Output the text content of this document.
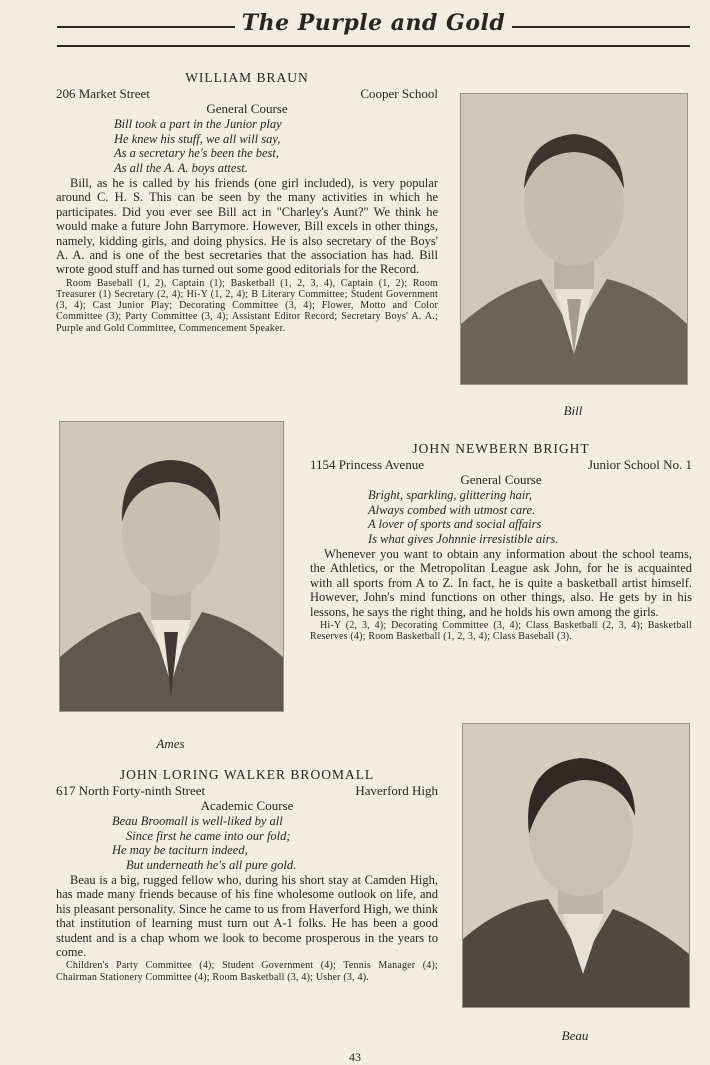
The Purple and Gold
WILLIAM BRAUN
206 Market Street	Cooper School
General Course
Bill took a part in the Junior play
He knew his stuff, we all will say,
As a secretary he's been the best,
As all the A. A. boys attest.

Bill, as he is called by his friends (one girl included), is very popular around C. H. S. This can be seen by the many activities in which he participates. Did you ever see Bill act in "Charley's Aunt?" We think he would make a future John Barrymore. However, Bill excels in other things, namely, kidding girls, and doing physics. He is also secretary of the Boys' A. A. and is one of the best secretaries that the association has had. Bill wrote good stuff and has turned out some good editorials for the Record.

Room Baseball (1, 2), Captain (1); Basketball (1, 2, 3, 4), Captain (1, 2); Room Treasurer (1) Secretary (2, 4); Hi-Y (1, 2, 4); B Literary Committee; Student Government (3, 4); Cast Junior Play; Decorating Committee (3, 4); Flower, Motto and Color Committee (3); Party Committee (3, 4); Assistant Editor Record; Secretary Boys' A. A.; Purple and Gold Committee, Commencement Speaker.

Bill
Ames
JOHN NEWBERN BRIGHT
1154 Princess Avenue	Junior School No. 1
General Course
Bright, sparkling, glittering hair,
Always combed with utmost care.
A lover of sports and social affairs
Is what gives Johnnie irresistible airs.

Whenever you want to obtain any information about the school teams, the Athletics, or the Metropolitan League ask John, for he is acquainted with all sports from A to Z. In fact, he is quite a basketball artist himself. However, John's mind functions on other things, also. He gets by in his lessons, he says the right thing, and he holds his own among the girls.

Hi-Y (2, 3, 4); Decorating Committee (3, 4); Class Basketball (2, 3, 4); Basketball Reserves (4); Room Basketball (1, 2, 3, 4); Class Baseball (3).

JOHN LORING WALKER BROOMALL
617 North Forty-ninth Street	Haverford High
Academic Course
Beau Broomall is well-liked by all
Since first he came into our fold;
He may be taciturn indeed,
But underneath he's all pure gold.

Beau is a big, rugged fellow who, during his short stay at Camden High, has made many friends because of his fine wholesome outlook on life, and his pleasant personality. Since he came to us from Haverford High, we think that institution of learning must turn out A-1 folks. He has been a good student and is a chap whom we look to become prosperous in the years to come.

Children's Party Committee (4); Student Government (4); Tennis Manager (4); Chairman Stationery Committee (4); Room Basketball (3, 4); Usher (3, 4).

Beau
43
